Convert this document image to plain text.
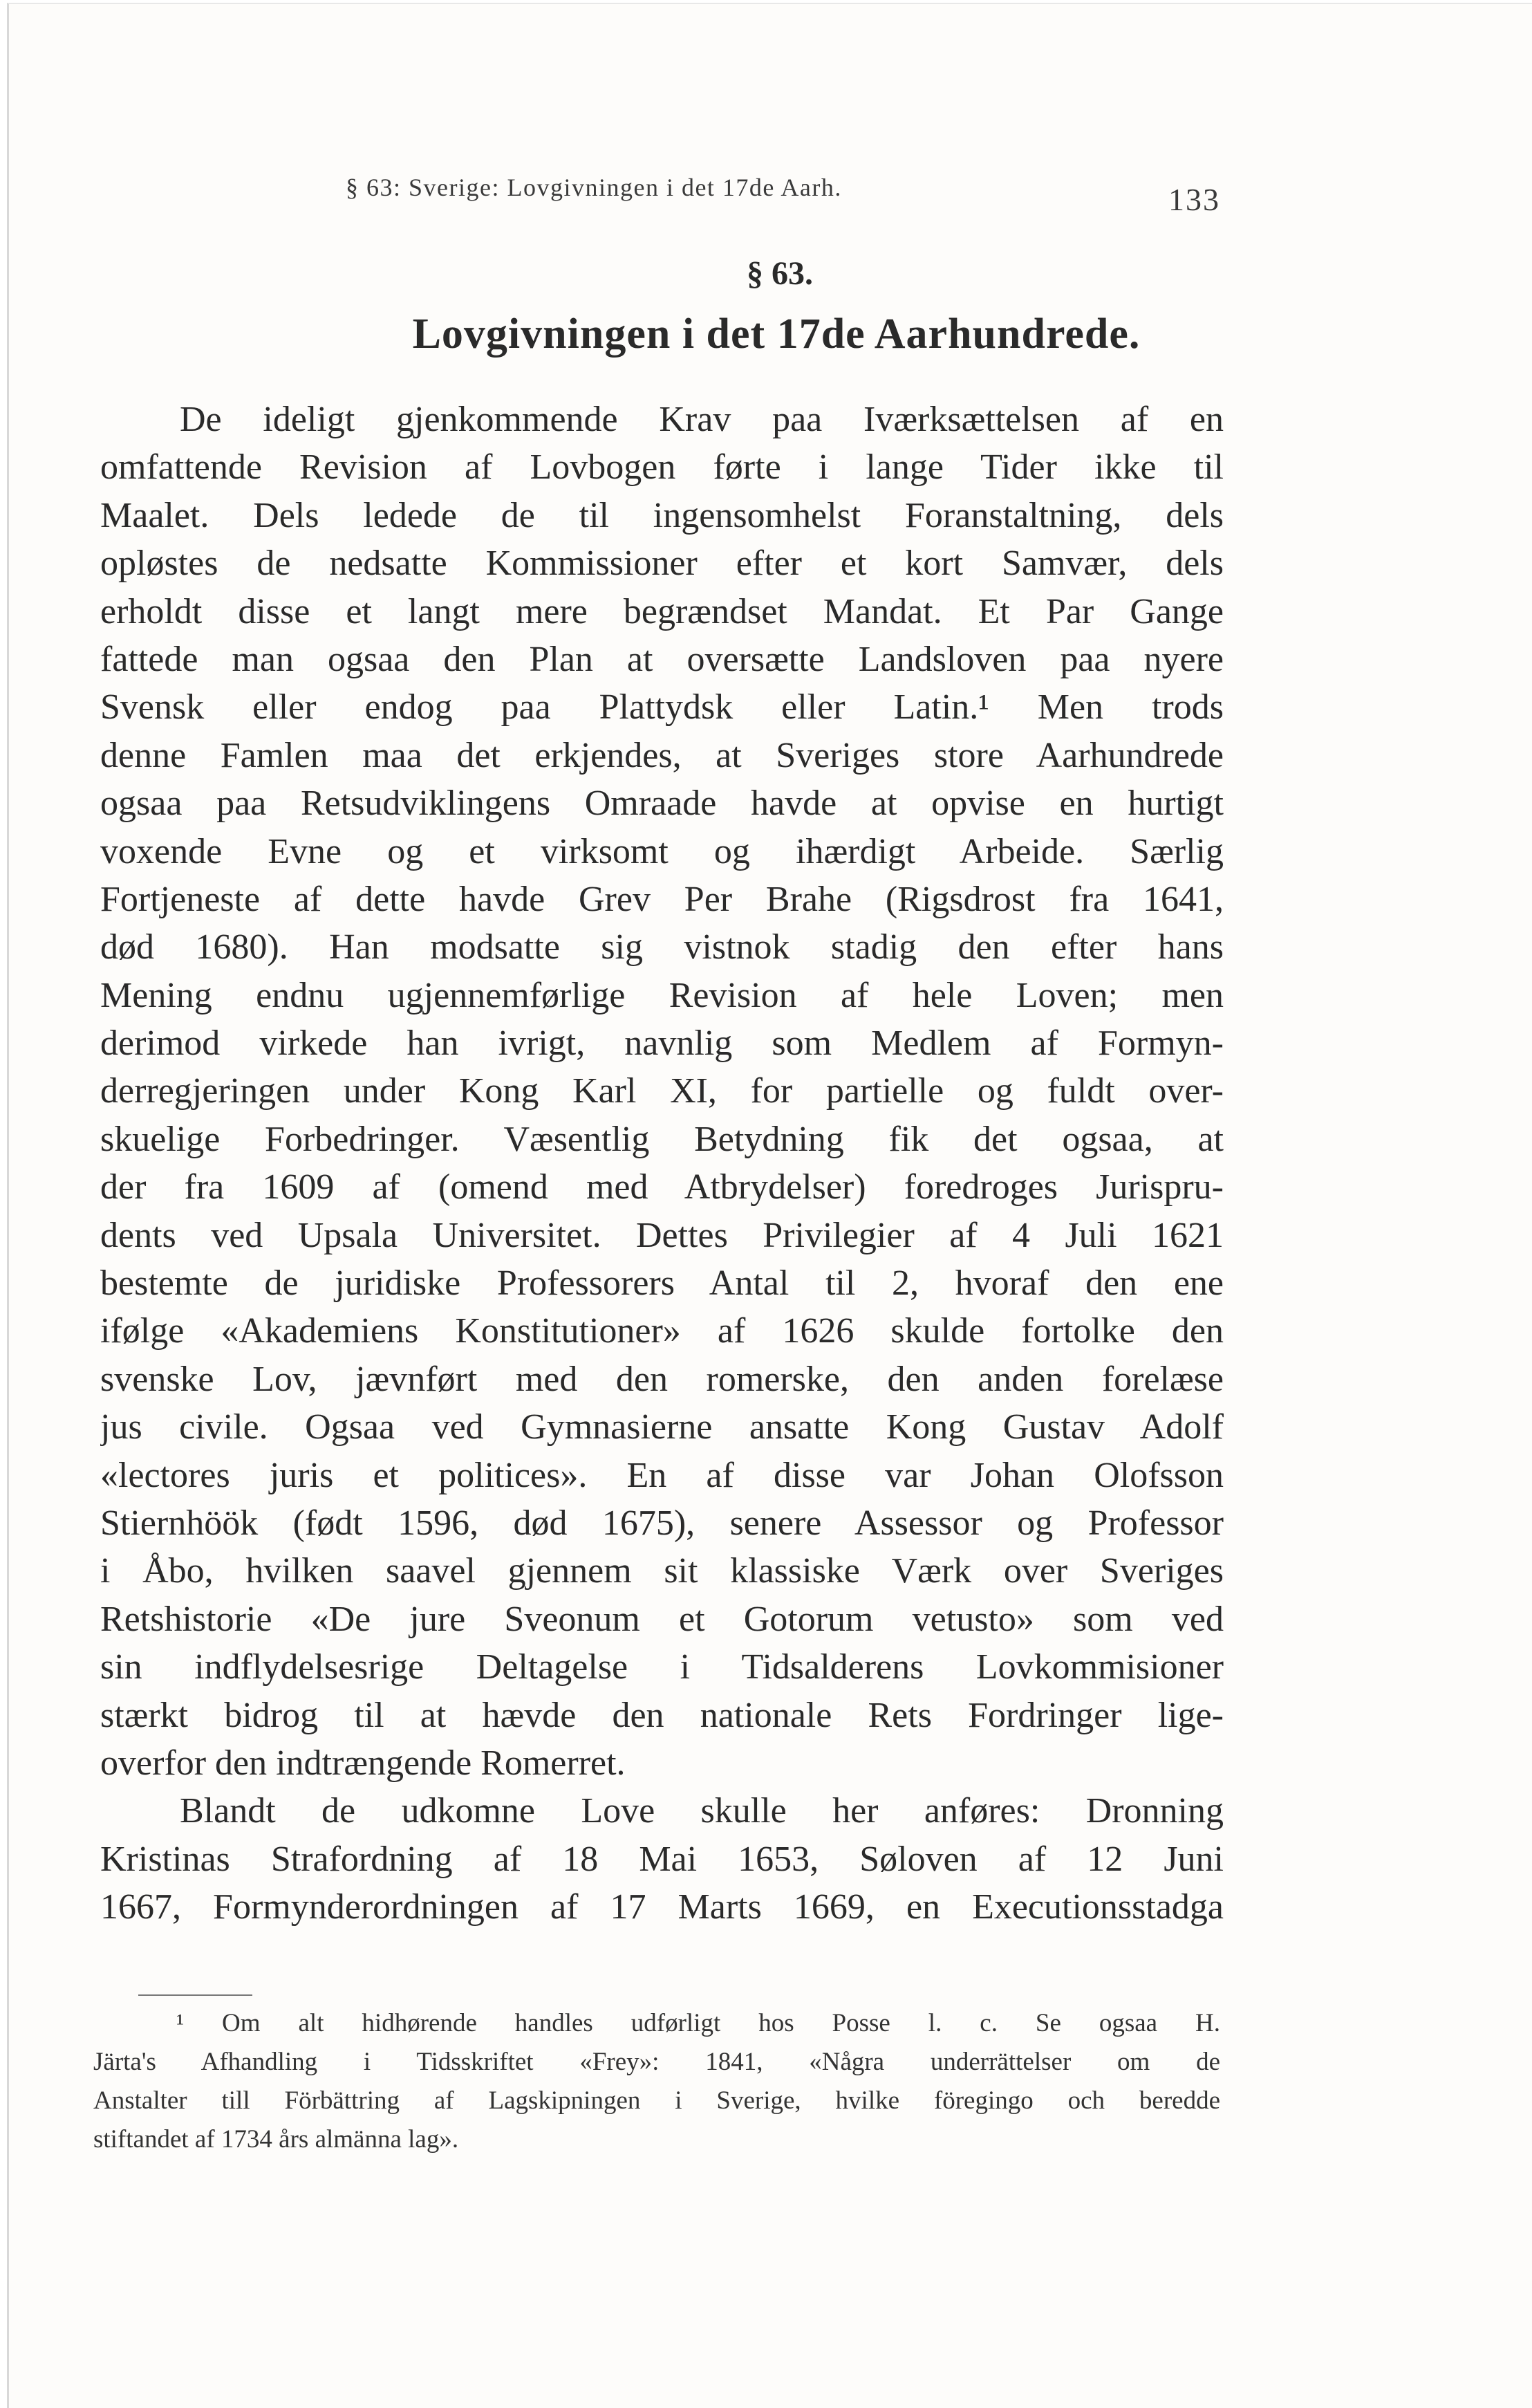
§ 63: Sverige: Lovgivningen i det 17de Aarh.	133
§ 63.
Lovgivningen i det 17de Aarhundrede.
De ideligt gjenkommende Krav paa Iværksættelsen af en
omfattende Revision af Lovbogen førte i lange Tider ikke til
Maalet. Dels ledede de til ingensomhelst Foranstaltning, dels
opløstes de nedsatte Kommissioner efter et kort Samvær, dels
erholdt disse et langt mere begrændset Mandat. Et Par Gange
fattede man ogsaa den Plan at oversætte Landsloven paa nyere
Svensk eller endog paa Plattydsk eller Latin.¹ Men trods
denne Famlen maa det erkjendes, at Sveriges store Aarhundrede
ogsaa paa Retsudviklingens Omraade havde at opvise en hurtigt
voxende Evne og et virksomt og ihærdigt Arbeide. Særlig
Fortjeneste af dette havde Grev Per Brahe (Rigsdrost fra 1641,
død 1680). Han modsatte sig vistnok stadig den efter hans
Mening endnu ugjennemførlige Revision af hele Loven; men
derimod virkede han ivrigt, navnlig som Medlem af Formyn-
derregjeringen under Kong Karl XI, for partielle og fuldt over-
skuelige Forbedringer. Væsentlig Betydning fik det ogsaa, at
der fra 1609 af (omend med Atbrydelser) foredroges Jurispru-
dents ved Upsala Universitet. Dettes Privilegier af 4 Juli 1621
bestemte de juridiske Professorers Antal til 2, hvoraf den ene
ifølge «Akademiens Konstitutioner» af 1626 skulde fortolke den
svenske Lov, jævnført med den romerske, den anden forelæse
jus civile. Ogsaa ved Gymnasierne ansatte Kong Gustav Adolf
«lectores juris et politices». En af disse var Johan Olofsson
Stiernhöök (født 1596, død 1675), senere Assessor og Professor
i Åbo, hvilken saavel gjennem sit klassiske Værk over Sveriges
Retshistorie «De jure Sveonum et Gotorum vetusto» som ved
sin indflydelsesrige Deltagelse i Tidsalderens Lovkommisioner
stærkt bidrog til at hævde den nationale Rets Fordringer lige-
overfor den indtrængende Romerret.
Blandt de udkomne Love skulle her anføres: Dronning
Kristinas Strafordning af 18 Mai 1653, Søloven af 12 Juni
1667, Formynderordningen af 17 Marts 1669, en Executionsstadga
¹ Om alt hidhørende handles udførligt hos Posse l. c. Se ogsaa H.
Järta's Afhandling i Tidsskriftet «Frey»: 1841, «Några underrättelser om de
Anstalter till Förbättring af Lagskipningen i Sverige, hvilke föregingo och beredde
stiftandet af 1734 års almänna lag».
